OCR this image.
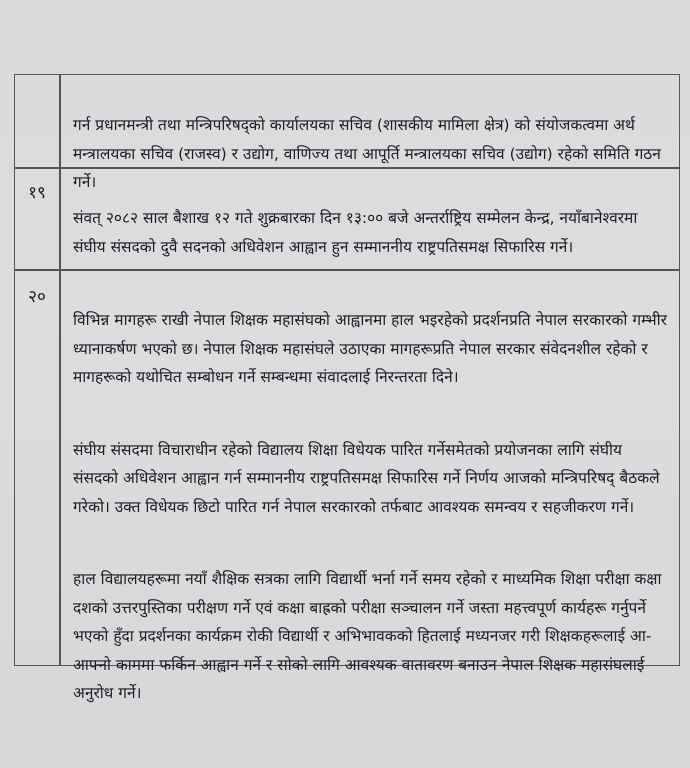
गर्न प्रधानमन्त्री तथा मन्त्रिपरिषद्को कार्यालयका सचिव (शासकीय मामिला क्षेत्र) को संयोजकत्वमा अर्थ मन्त्रालयका सचिव (राजस्व) र उद्योग, वाणिज्य तथा आपूर्ति मन्त्रालयका सचिव (उद्योग) रहेको समिति गठन गर्ने।

१९

संवत् २०८२ साल बैशाख १२ गते शुक्रबारका दिन १३:०० बजे अन्तर्राष्ट्रिय सम्मेलन केन्द्र, नयाँबानेश्वरमा संघीय संसदको दुवै सदनको अधिवेशन आह्वान हुन सम्माननीय राष्ट्रपतिसमक्ष सिफारिस गर्ने।

२०

विभिन्न मागहरू राखी नेपाल शिक्षक महासंघको आह्वानमा हाल भइरहेको प्रदर्शनप्रति नेपाल सरकारको गम्भीर ध्यानाकर्षण भएको छ। नेपाल शिक्षक महासंघले उठाएका मागहरूप्रति नेपाल सरकार संवेदनशील रहेको र मागहरूको यथोचित सम्बोधन गर्ने सम्बन्धमा संवादलाई निरन्तरता दिने।

संघीय संसदमा विचाराधीन रहेको विद्यालय शिक्षा विधेयक पारित गर्नेसमेतको प्रयोजनका लागि संघीय संसदको अधिवेशन आह्वान गर्न सम्माननीय राष्ट्रपतिसमक्ष सिफारिस गर्ने निर्णय आजको मन्त्रिपरिषद् बैठकले गरेको। उक्त विधेयक छिटो पारित गर्न नेपाल सरकारको तर्फबाट आवश्यक समन्वय र सहजीकरण गर्ने।

हाल विद्यालयहरूमा नयाँ शैक्षिक सत्रका लागि विद्यार्थी भर्ना गर्ने समय रहेको र माध्यमिक शिक्षा परीक्षा कक्षा दशको उत्तरपुस्तिका परीक्षण गर्ने एवं कक्षा बाह्रको परीक्षा सञ्चालन गर्ने जस्ता महत्त्वपूर्ण कार्यहरू गर्नुपर्ने भएको हुँदा प्रदर्शनका कार्यक्रम रोकी विद्यार्थी र अभिभावकको हितलाई मध्यनजर गरी शिक्षकहरूलाई आ-आफ्नो काममा फर्किन आह्वान गर्ने र सोको लागि आवश्यक वातावरण बनाउन नेपाल शिक्षक महासंघलाई अनुरोध गर्ने।
